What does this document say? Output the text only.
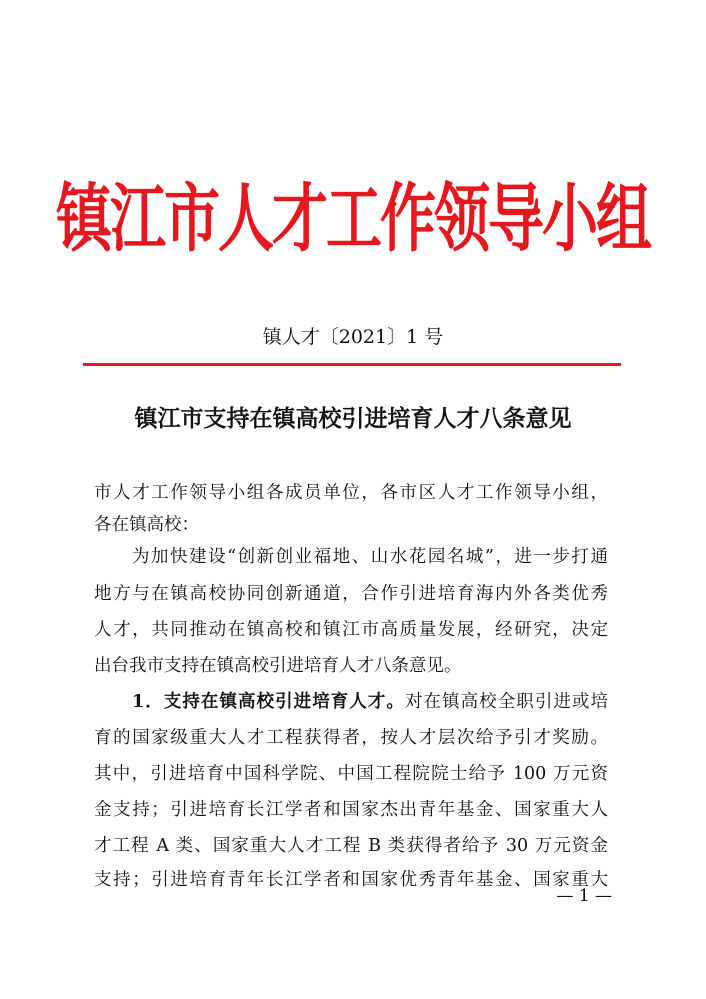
镇江市人才工作领导小组
镇人才〔2021〕1 号
镇江市支持在镇高校引进培育人才八条意见
市人才工作领导小组各成员单位，各市区人才工作领导小组，
各在镇高校：
为加快建设“创新创业福地、山水花园名城”，进一步打通
地方与在镇高校协同创新通道，合作引进培育海内外各类优秀
人才，共同推动在镇高校和镇江市高质量发展，经研究，决定
出台我市支持在镇高校引进培育人才八条意见。
1．支持在镇高校引进培育人才。对在镇高校全职引进或培
育的国家级重大人才工程获得者，按人才层次给予引才奖励。
其中，引进培育中国科学院、中国工程院院士给予 100 万元资
金支持；引进培育长江学者和国家杰出青年基金、国家重大人
才工程 A 类、国家重大人才工程 B 类获得者给予 30 万元资金
支持；引进培育青年长江学者和国家优秀青年基金、国家重大
— 1 —
